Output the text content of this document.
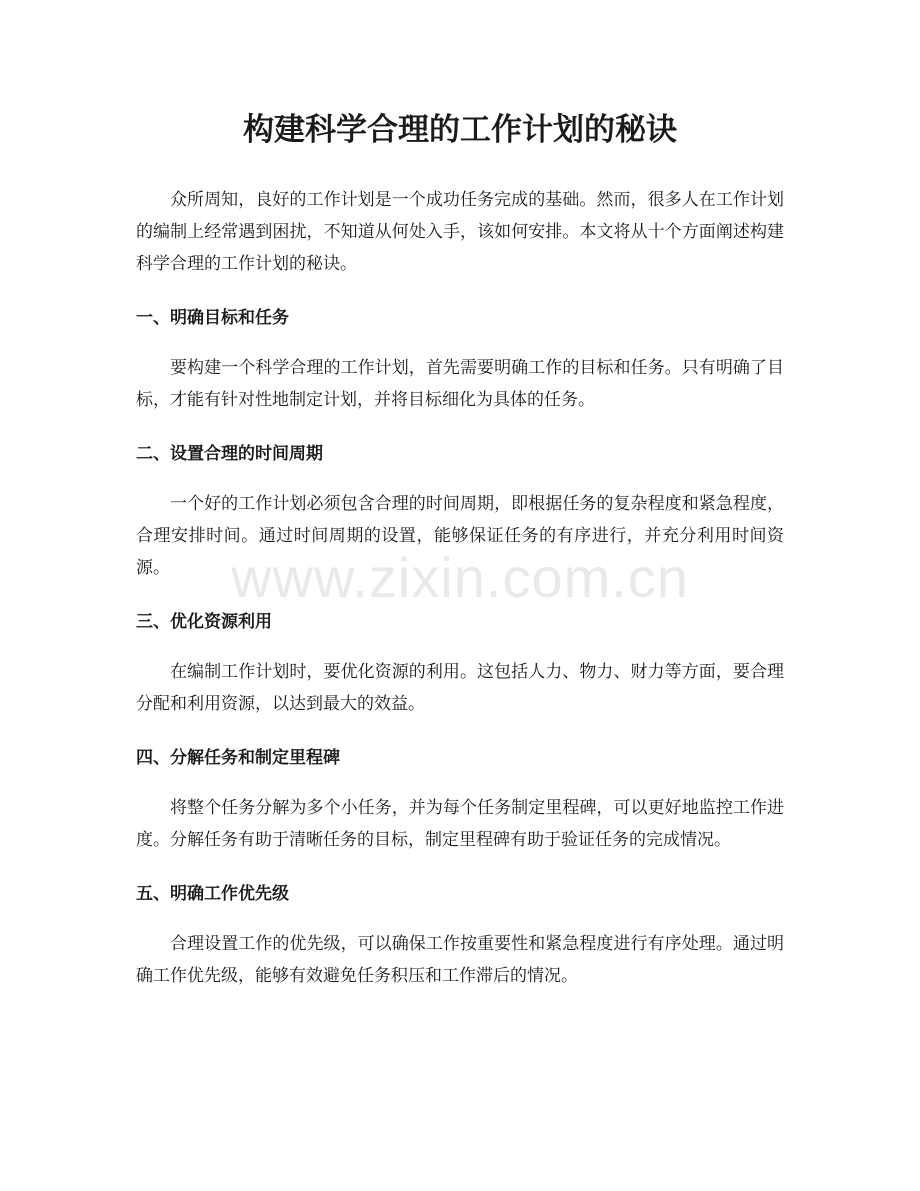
构建科学合理的工作计划的秘诀

众所周知，良好的工作计划是一个成功任务完成的基础。然而，很多人在工作计划的编制上经常遇到困扰，不知道从何处入手，该如何安排。本文将从十个方面阐述构建科学合理的工作计划的秘诀。

一、明确目标和任务

要构建一个科学合理的工作计划，首先需要明确工作的目标和任务。只有明确了目标，才能有针对性地制定计划，并将目标细化为具体的任务。

二、设置合理的时间周期

一个好的工作计划必须包含合理的时间周期，即根据任务的复杂程度和紧急程度，合理安排时间。通过时间周期的设置，能够保证任务的有序进行，并充分利用时间资源。

三、优化资源利用

在编制工作计划时，要优化资源的利用。这包括人力、物力、财力等方面，要合理分配和利用资源，以达到最大的效益。

四、分解任务和制定里程碑

将整个任务分解为多个小任务，并为每个任务制定里程碑，可以更好地监控工作进度。分解任务有助于清晰任务的目标，制定里程碑有助于验证任务的完成情况。

五、明确工作优先级

合理设置工作的优先级，可以确保工作按重要性和紧急程度进行有序处理。通过明确工作优先级，能够有效避免任务积压和工作滞后的情况。

www.zixin.com.cn
